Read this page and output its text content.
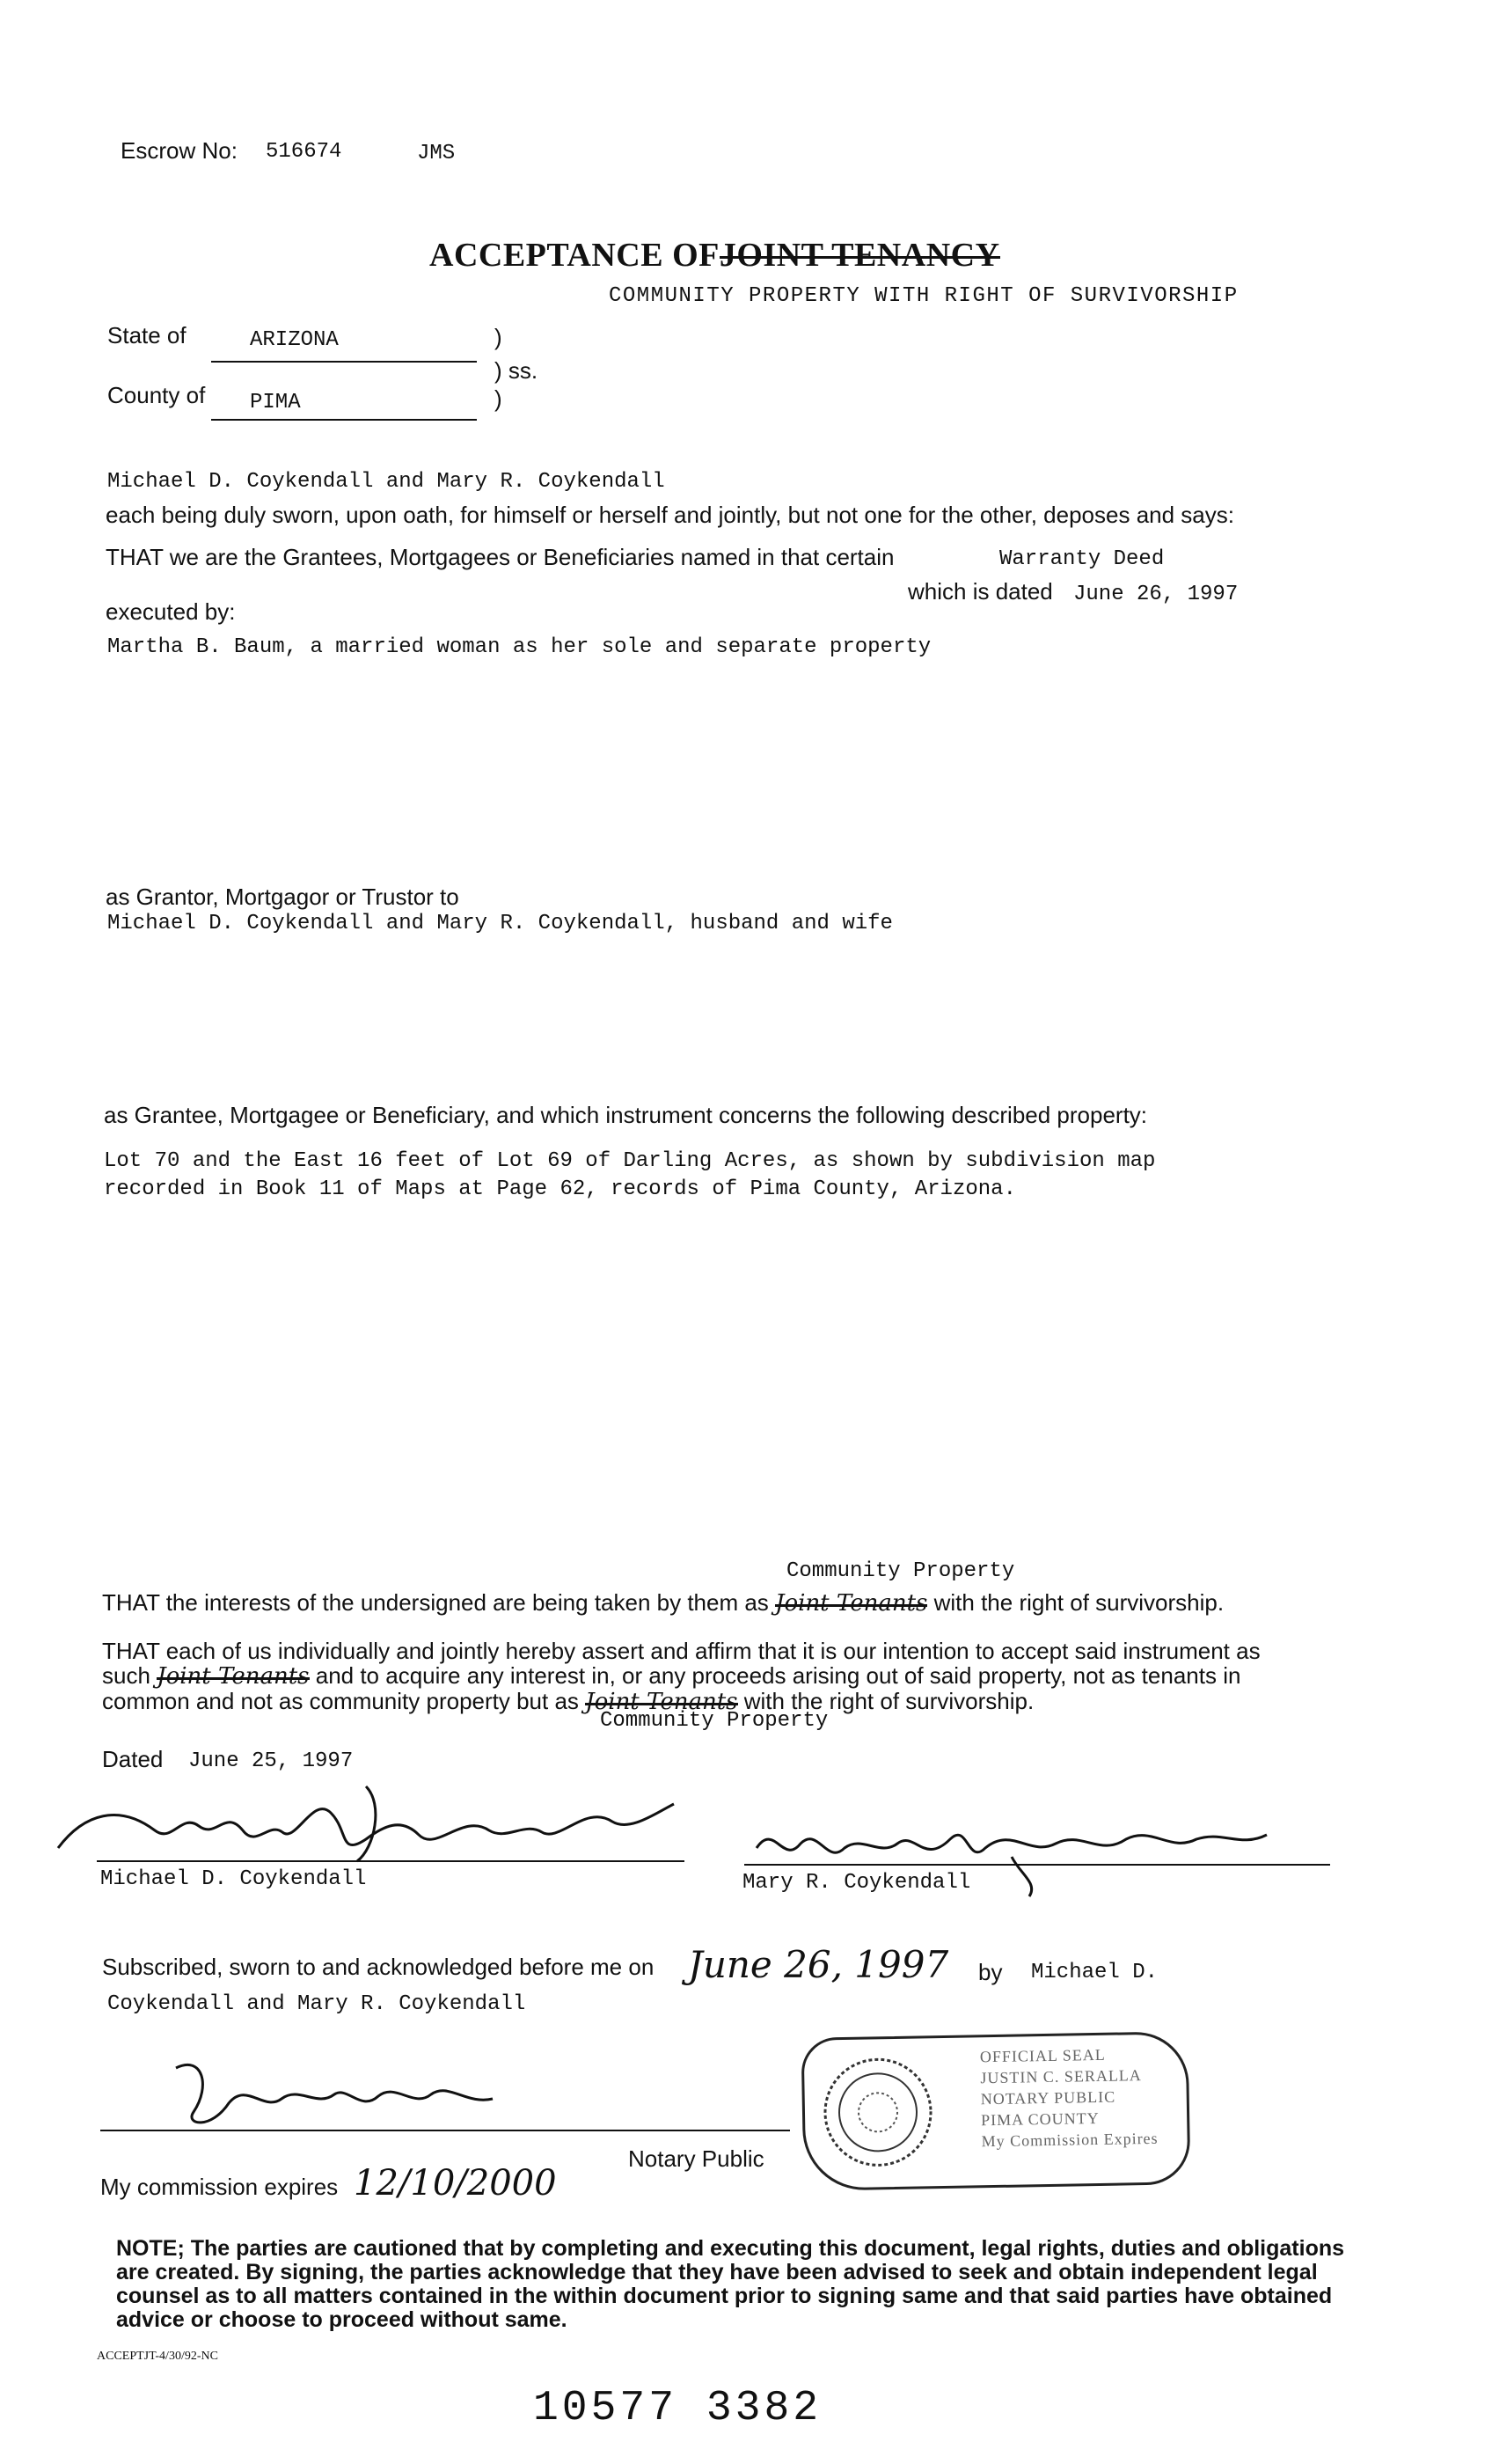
Escrow No: 516674	JMS
ACCEPTANCE OFJOINT TENANCY
COMMUNITY PROPERTY WITH RIGHT OF SURVIVORSHIP
State of	ARIZONA	)
) ss.
County of PIMA	)
Michael D. Coykendall and Mary R. Coykendall
each being duly sworn, upon oath, for himself or herself and jointly, but not one for the other, deposes and says:
THAT we are the Grantees, Mortgagees or Beneficiaries named in that certain	Warranty Deed
which is dated June 26, 1997
executed by:
Martha B. Baum, a married woman as her sole and separate property
as Grantor, Mortgagor or Trustor to
Michael D. Coykendall and Mary R. Coykendall, husband and wife
as Grantee, Mortgagee or Beneficiary, and which instrument concerns the following described property:
Lot 70 and the East 16 feet of Lot 69 of Darling Acres, as shown by subdivision map
recorded in Book 11 of Maps at Page 62, records of Pima County, Arizona.
Community Property
THAT the interests of the undersigned are being taken by them as Joint Tenants with the right of survivorship.
THAT each of us individually and jointly hereby assert and affirm that it is our intention to accept said instrument as
such Joint Tenants and to acquire any interest in, or any proceeds arising out of said property, not as tenants in
common and not as community property but as Joint Tenants with the right of survivorship.
Community Property
Dated June 25, 1997
Michael D. Coykendall	Mary R. Coykendall
Subscribed, sworn to and acknowledged before me on June 26, 1997 by Michael D.
Coykendall and Mary R. Coykendall
Notary Public
My commission expires 12/10/2000
OFFICIAL SEAL
JUSTIN C. SERALLA
NOTARY PUBLIC
PIMA COUNTY
My Commission Expires
NOTE; The parties are cautioned that by completing and executing this document, legal rights, duties and obligations are created. By signing, the parties acknowledge that they have been advised to seek and obtain independent legal counsel as to all matters contained in the within document prior to signing same and that said parties have obtained advice or choose to proceed without same.
ACCEPTJT-4/30/92-NC
10577 3382
